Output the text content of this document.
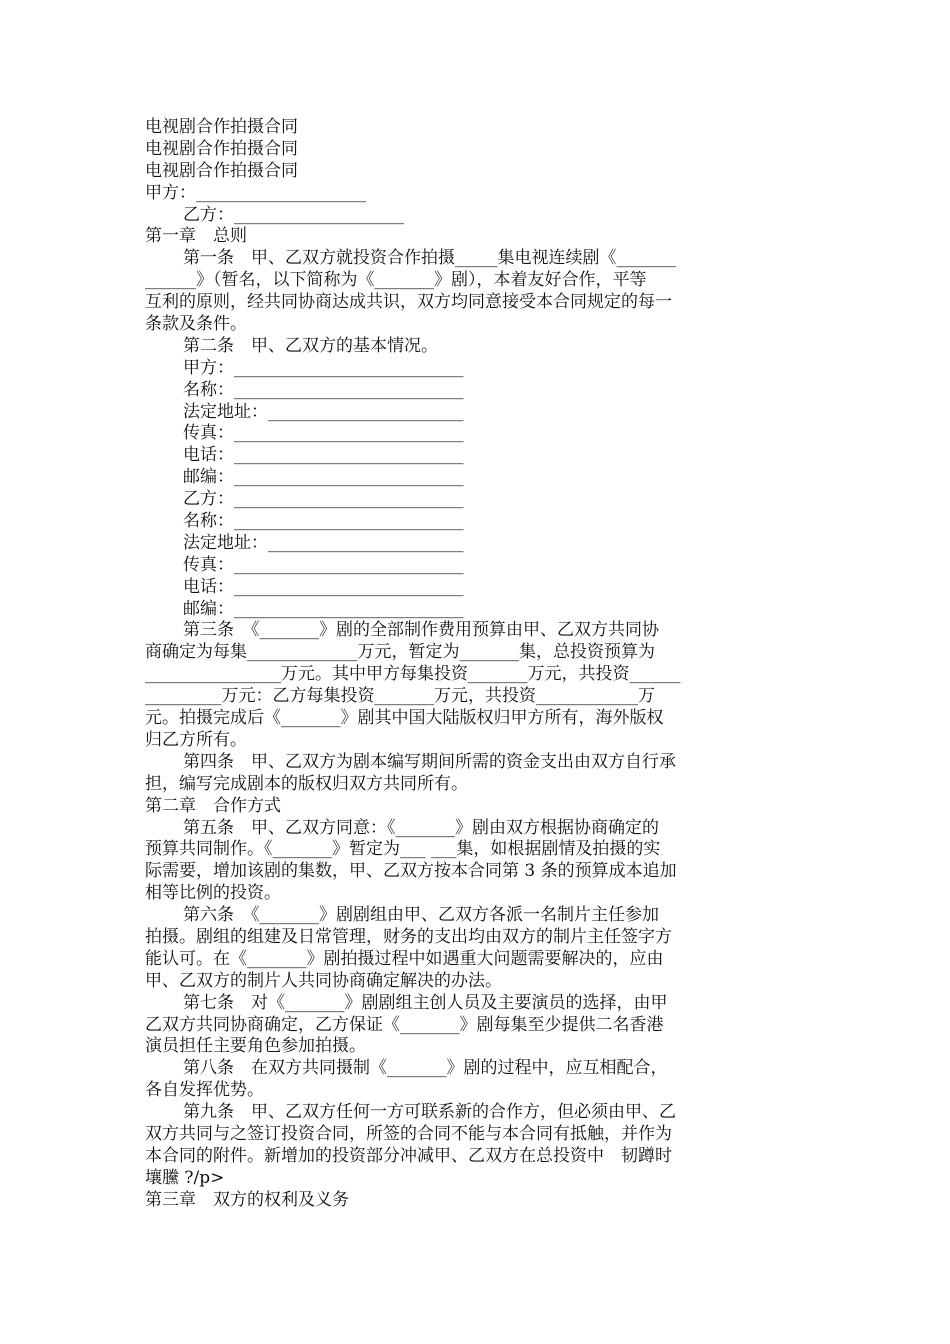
电视剧合作拍摄合同
电视剧合作拍摄合同
电视剧合作拍摄合同
甲方：____________________
乙方：____________________
第一章　总则
第一条　甲、乙双方就投资合作拍摄_____集电视连续剧《_______
______》（暂名，以下简称为《_______》剧），本着友好合作，平等
互利的原则，经共同协商达成共识，双方均同意接受本合同规定的每一
条款及条件。
第二条　甲、乙双方的基本情况。
甲方：___________________________
名称：___________________________
法定地址：_______________________
传真：___________________________
电话：___________________________
邮编：___________________________
乙方：___________________________
名称：___________________________
法定地址：_______________________
传真：___________________________
电话：___________________________
邮编：___________________________
第三条　《_______》剧的全部制作费用预算由甲、乙双方共同协
商确定为每集_____________万元，暂定为_______集，总投资预算为
________________万元。其中甲方每集投资_______万元，共投资______
_________万元：乙方每集投资_______万元，共投资____________万
元。拍摄完成后《_______》剧其中国大陆版权归甲方所有，海外版权
归乙方所有。
第四条　甲、乙双方为剧本编写期间所需的资金支出由双方自行承
担，编写完成剧本的版权归双方共同所有。
第二章　合作方式
第五条　甲、乙双方同意：《_______》剧由双方根据协商确定的
预算共同制作。《_______》暂定为___ ___集，如根据剧情及拍摄的实
际需要，增加该剧的集数，甲、乙双方按本合同第 3 条的预算成本追加
相等比例的投资。
第六条　《_______》剧剧组由甲、乙双方各派一名制片主任参加
拍摄。剧组的组建及日常管理，财务的支出均由双方的制片主任签字方
能认可。在《_______》剧拍摄过程中如遇重大问题需要解决的，应由
甲、乙双方的制片人共同协商确定解决的办法。
第七条　对《_______》剧剧组主创人员及主要演员的选择，由甲
乙双方共同协商确定，乙方保证《_______》剧每集至少提供二名香港
演员担任主要角色参加拍摄。
第八条　在双方共同摄制《_______》剧的过程中，应互相配合，
各自发挥优势。
第九条　甲、乙双方任何一方可联系新的合作方，但必须由甲、乙
双方共同与之签订投资合同，所签的合同不能与本合同有抵触，并作为
本合同的附件。新增加的投资部分冲减甲、乙双方在总投资中　韧蹲时
壤黱 ?/p>
第三章　双方的权利及义务
